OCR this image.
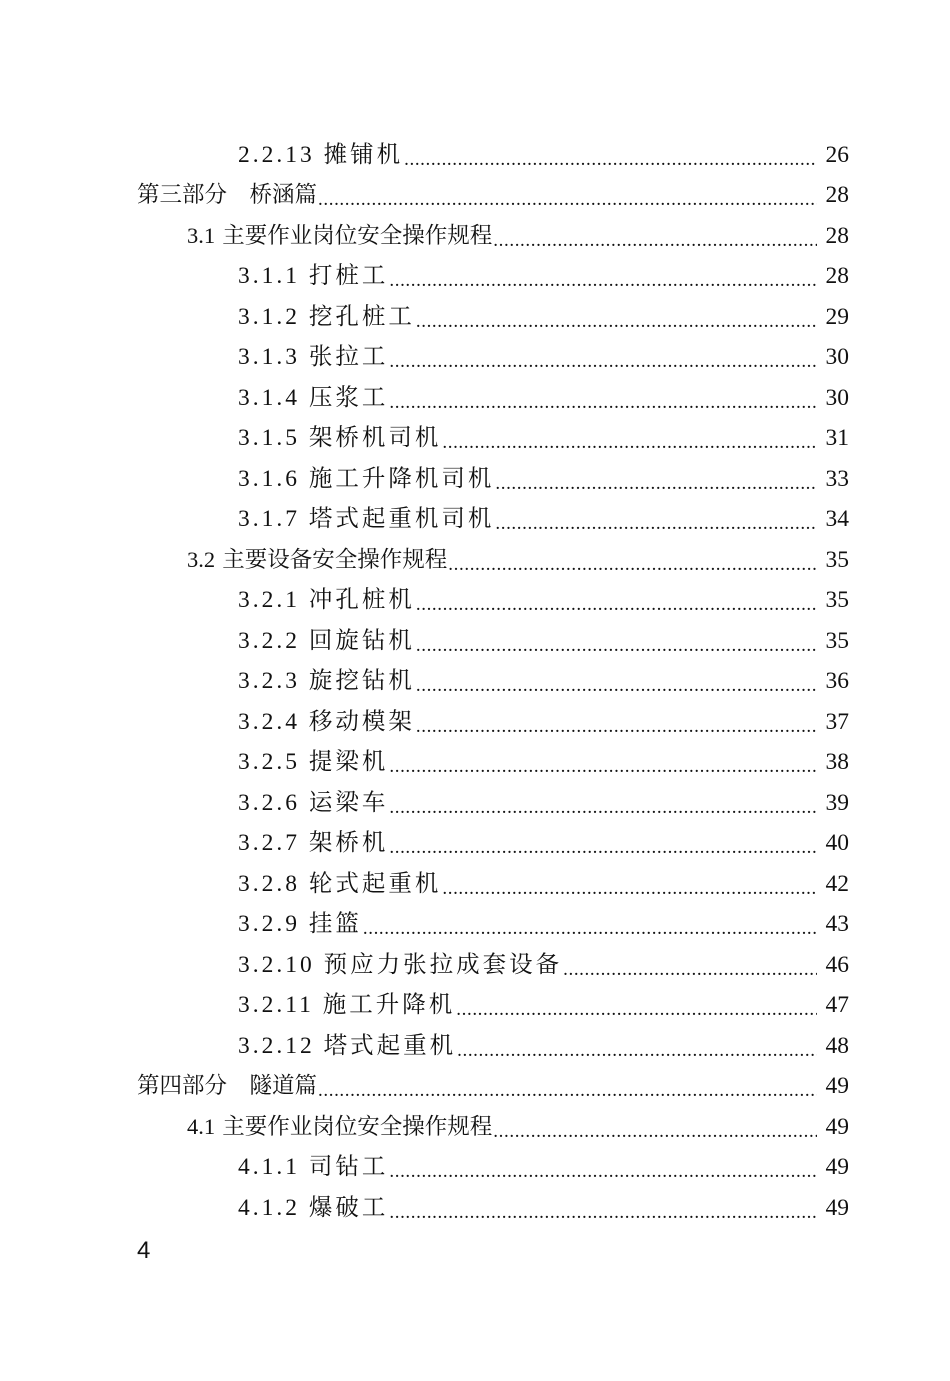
2.2.13 摊铺机 .....	26
第三部分　桥涵篇 .....	28
3.1 主要作业岗位安全操作规程 .....	28
3.1.1 打桩工 .....	28
3.1.2 挖孔桩工 .....	29
3.1.3 张拉工 .....	30
3.1.4 压浆工 .....	30
3.1.5 架桥机司机 .....	31
3.1.6 施工升降机司机 .....	33
3.1.7 塔式起重机司机 .....	34
3.2 主要设备安全操作规程 .....	35
3.2.1 冲孔桩机 .....	35
3.2.2 回旋钻机 .....	35
3.2.3 旋挖钻机 .....	36
3.2.4 移动模架 .....	37
3.2.5 提梁机 .....	38
3.2.6 运梁车 .....	39
3.2.7 架桥机 .....	40
3.2.8 轮式起重机 .....	42
3.2.9 挂篮 .....	43
3.2.10 预应力张拉成套设备 .....	46
3.2.11 施工升降机 .....	47
3.2.12 塔式起重机 .....	48
第四部分　隧道篇 .....	49
4.1 主要作业岗位安全操作规程 .....	49
4.1.1 司钻工 .....	49
4.1.2 爆破工 .....	49
4
